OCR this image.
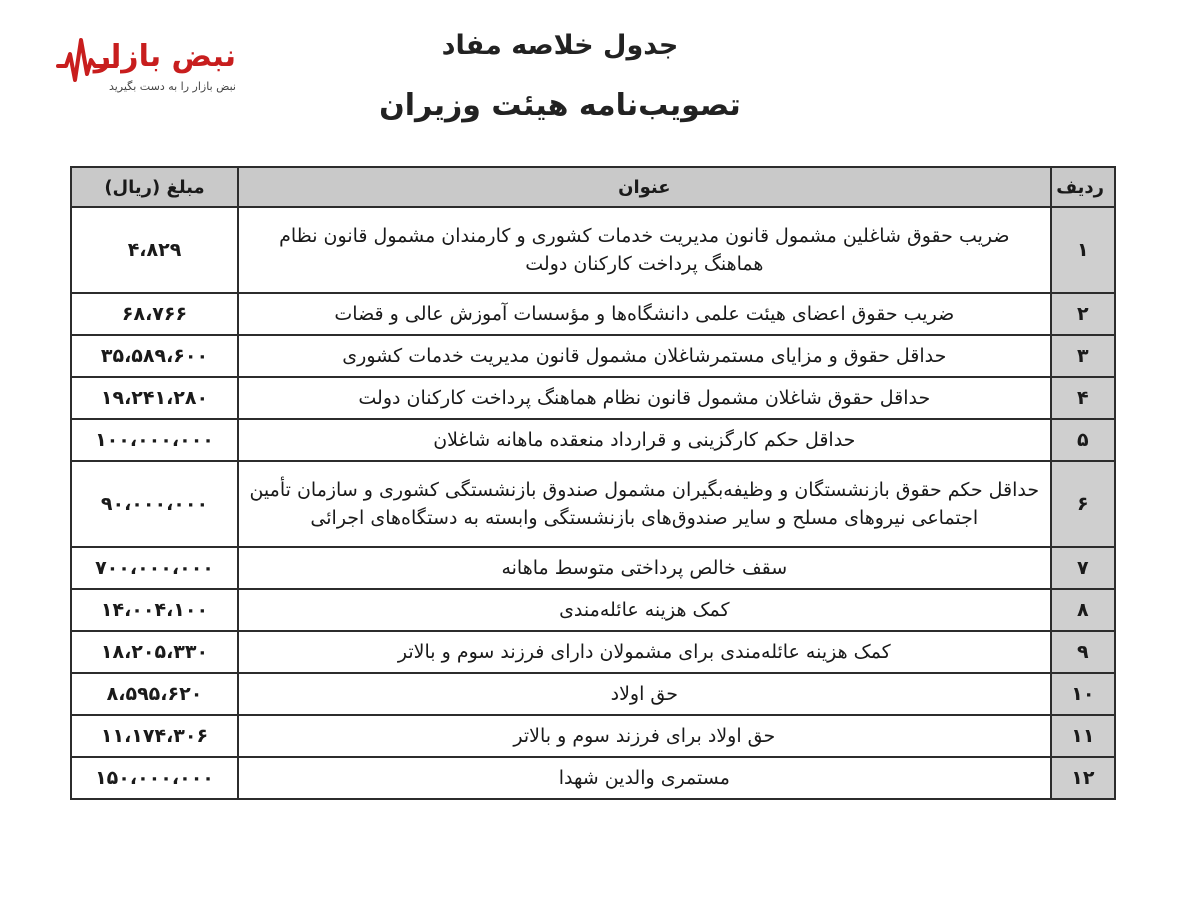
نبض بازار
نبض بازار را به دست بگیرید
جدول خلاصه مفاد
تصویب‌نامه هیئت وزیران
ردیف	عنوان	مبلغ (ریال)
۱	ضریب حقوق شاغلین مشمول قانون مدیریت خدمات کشوری و کارمندان مشمول قانون نظام هماهنگ پرداخت کارکنان دولت	۴،۸۲۹
۲	ضریب حقوق اعضای هیئت علمی دانشگاه‌ها و مؤسسات آموزش عالی و قضات	۶۸،۷۶۶
۳	حداقل حقوق و مزایای مستمرشاغلان مشمول قانون مدیریت خدمات کشوری	۳۵،۵۸۹،۶۰۰
۴	حداقل حقوق شاغلان مشمول قانون نظام هماهنگ پرداخت کارکنان دولت	۱۹،۲۴۱،۲۸۰
۵	حداقل حکم کارگزینی و قرارداد منعقده ماهانه شاغلان	۱۰۰،۰۰۰،۰۰۰
۶	حداقل حکم حقوق بازنشستگان و وظیفه‌بگیران مشمول صندوق بازنشستگی کشوری و سازمان تأمین اجتماعی نیروهای مسلح و سایر صندوق‌های بازنشستگی وابسته به دستگاه‌های اجرائی	۹۰،۰۰۰،۰۰۰
۷	سقف خالص پرداختی متوسط ماهانه	۷۰۰،۰۰۰،۰۰۰
۸	کمک هزینه عائله‌مندی	۱۴،۰۰۴،۱۰۰
۹	کمک هزینه عائله‌مندی برای مشمولان دارای فرزند سوم و بالاتر	۱۸،۲۰۵،۳۳۰
۱۰	حق اولاد	۸،۵۹۵،۶۲۰
۱۱	حق اولاد برای فرزند سوم و بالاتر	۱۱،۱۷۴،۳۰۶
۱۲	مستمری والدین شهدا	۱۵۰،۰۰۰،۰۰۰
